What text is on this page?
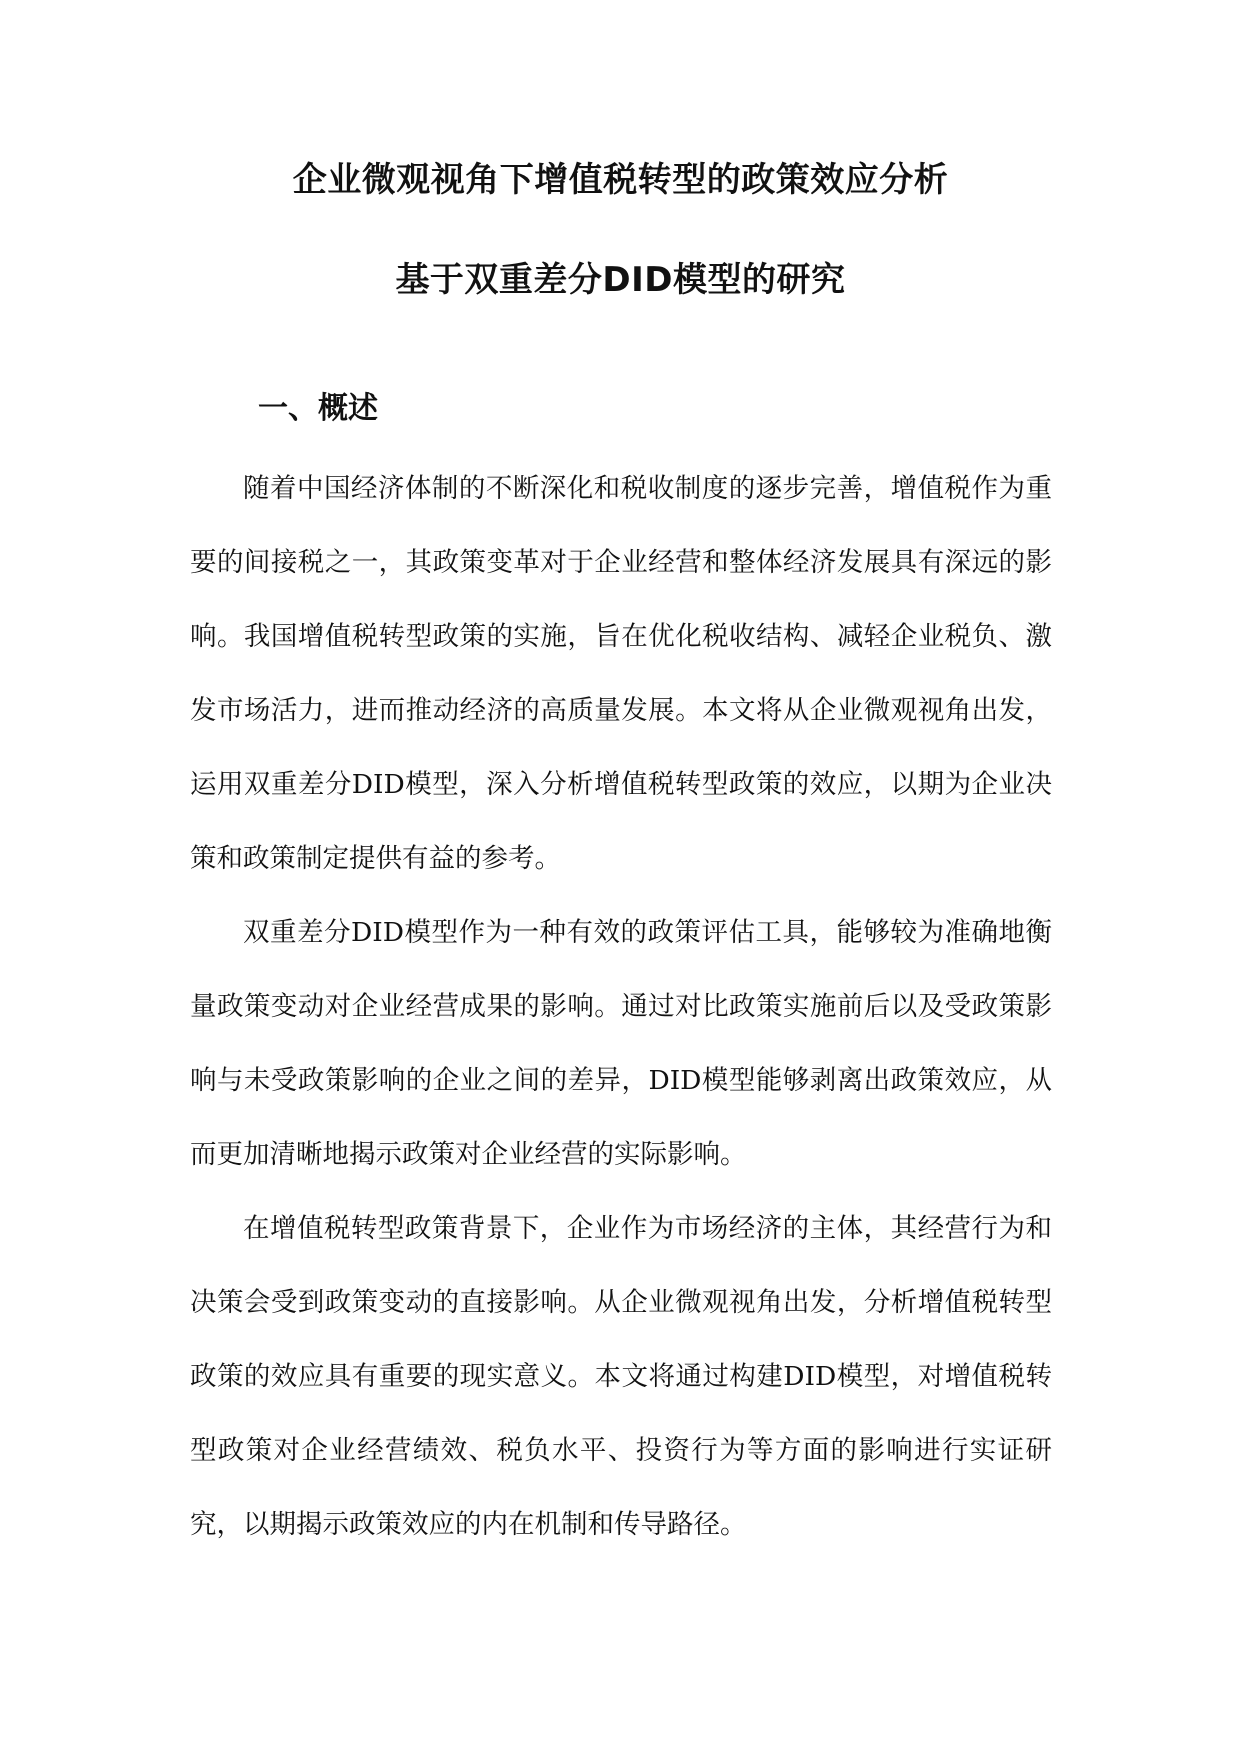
企业微观视角下增值税转型的政策效应分析
基于双重差分DID模型的研究
一、概述

随着中国经济体制的不断深化和税收制度的逐步完善，增值税作为重要的间接税之一，其政策变革对于企业经营和整体经济发展具有深远的影响。我国增值税转型政策的实施，旨在优化税收结构、减轻企业税负、激发市场活力，进而推动经济的高质量发展。本文将从企业微观视角出发，运用双重差分DID模型，深入分析增值税转型政策的效应，以期为企业决策和政策制定提供有益的参考。

双重差分DID模型作为一种有效的政策评估工具，能够较为准确地衡量政策变动对企业经营成果的影响。通过对比政策实施前后以及受政策影响与未受政策影响的企业之间的差异，DID模型能够剥离出政策效应，从而更加清晰地揭示政策对企业经营的实际影响。

在增值税转型政策背景下，企业作为市场经济的主体，其经营行为和决策会受到政策变动的直接影响。从企业微观视角出发，分析增值税转型政策的效应具有重要的现实意义。本文将通过构建DID模型，对增值税转型政策对企业经营绩效、税负水平、投资行为等方面的影响进行实证研究，以期揭示政策效应的内在机制和传导路径。
